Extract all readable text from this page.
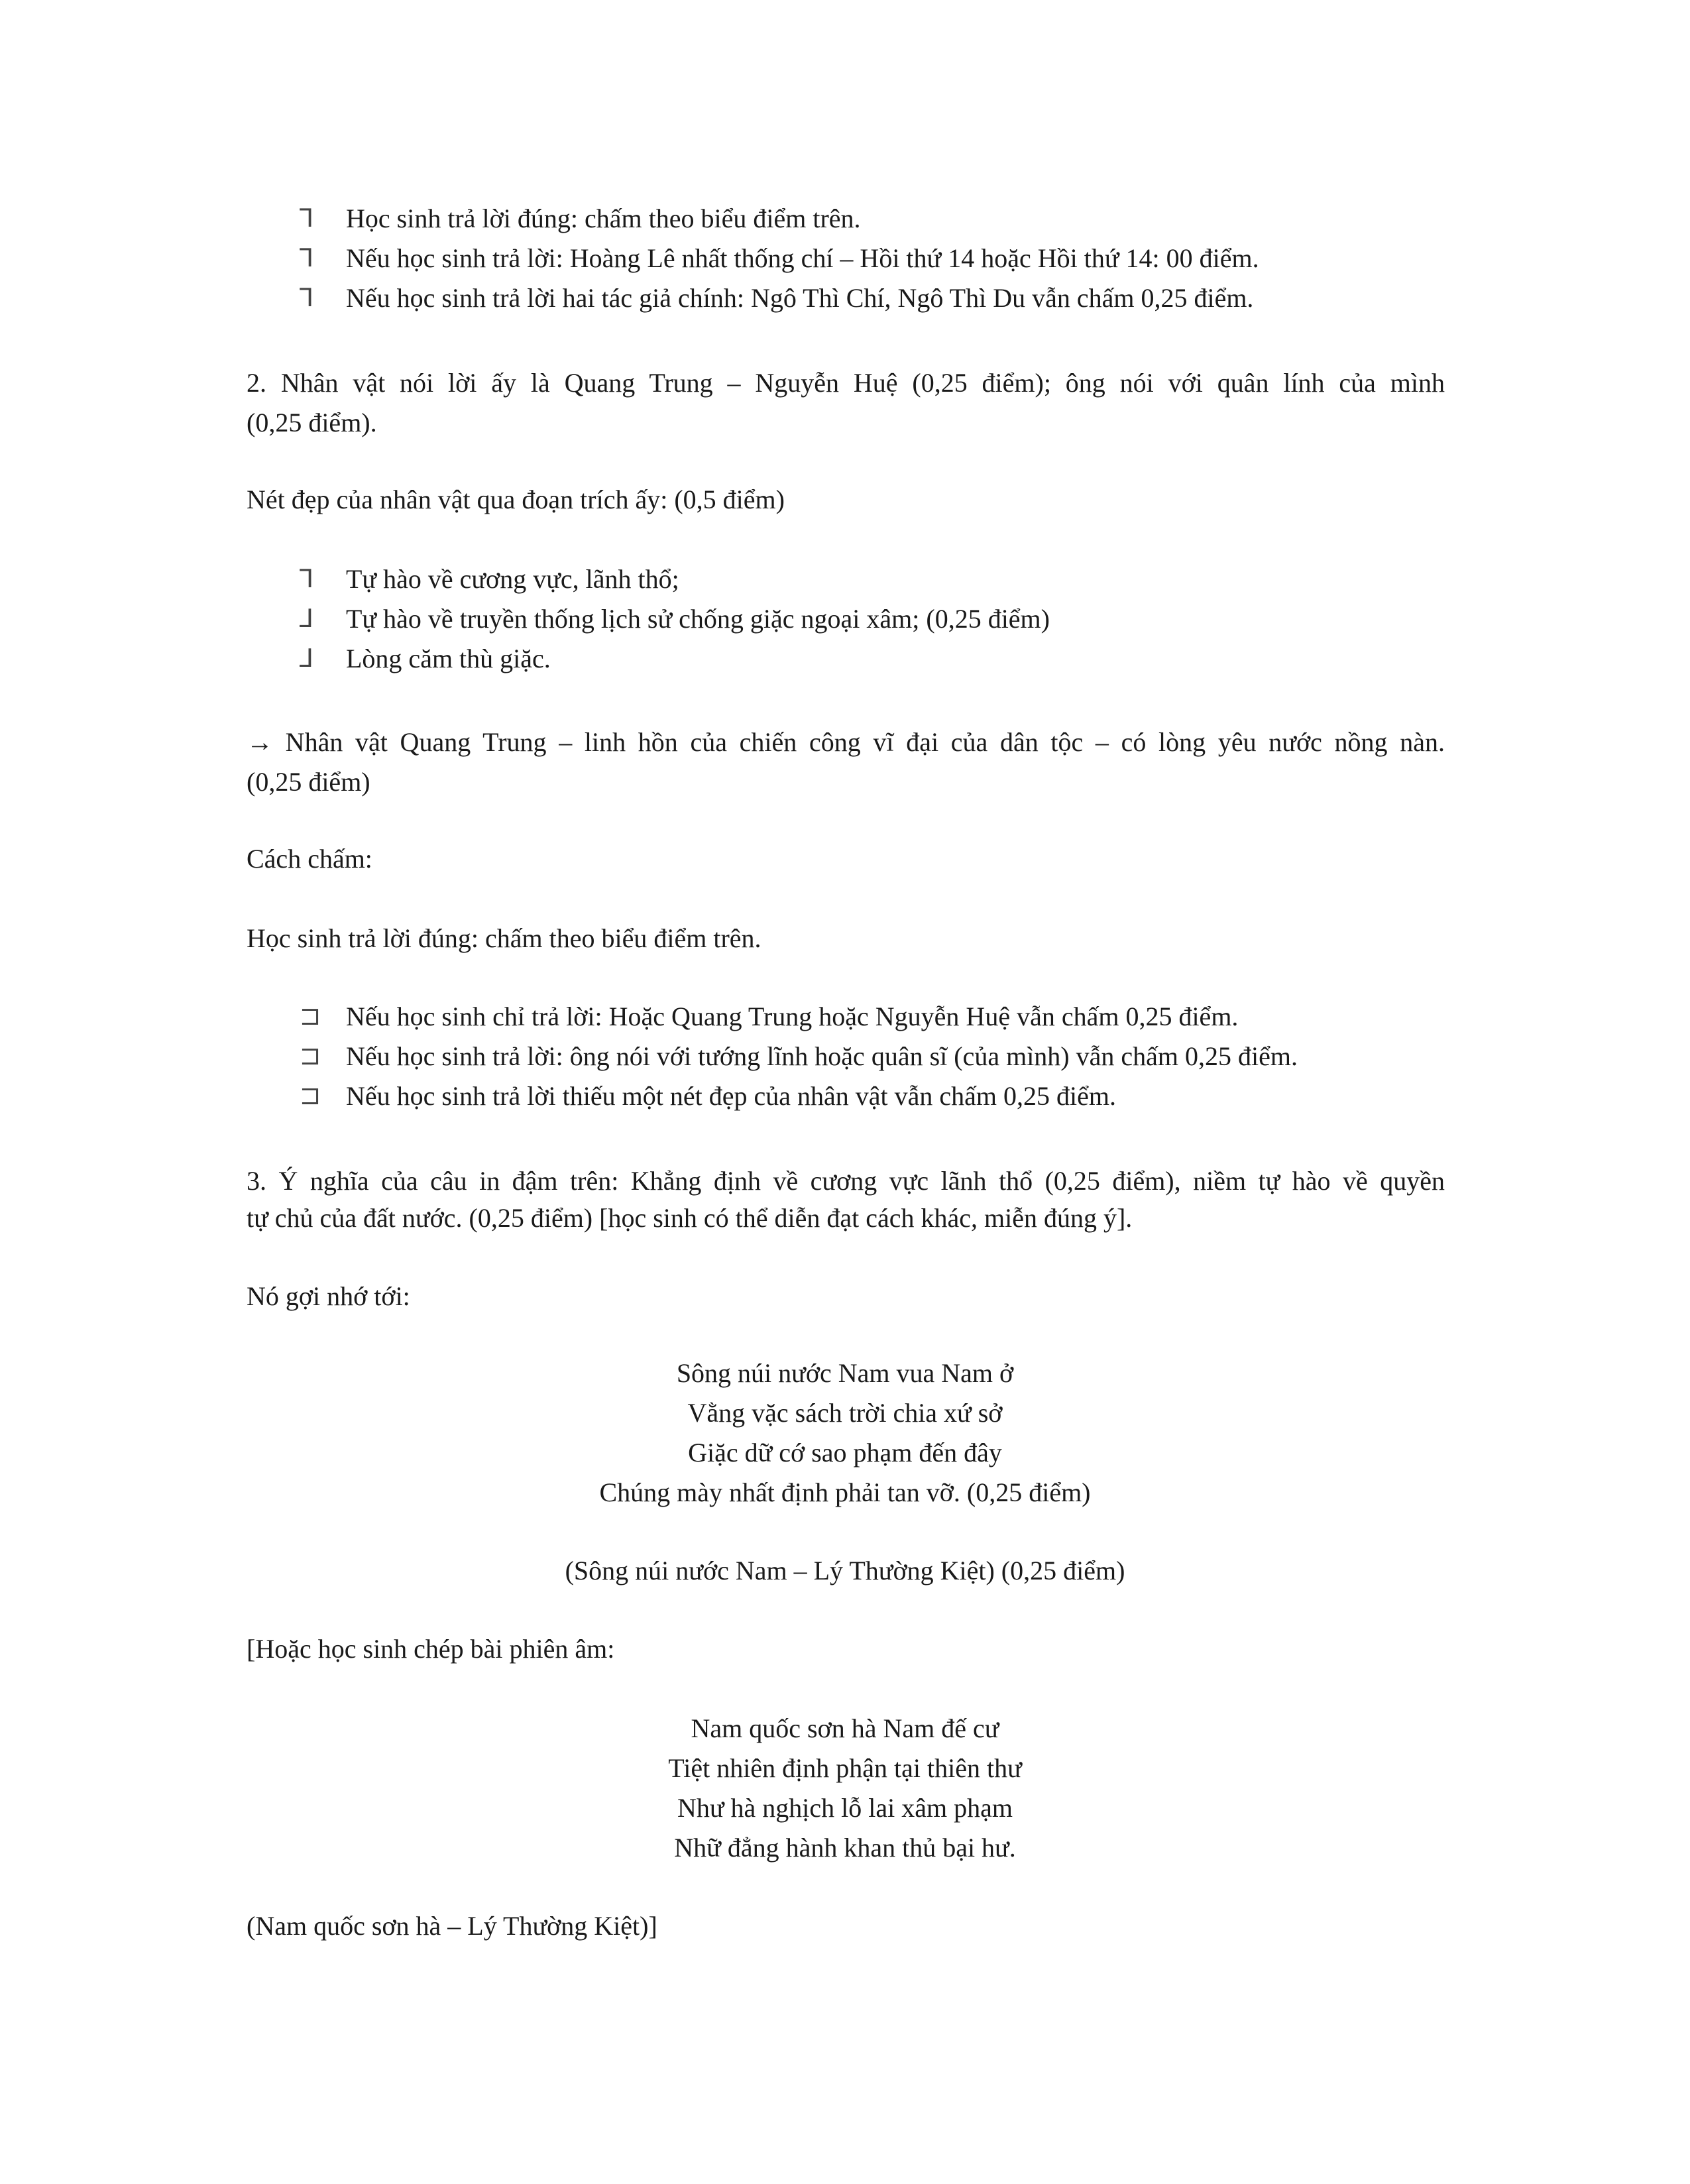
⅂ Học sinh trả lời đúng: chấm theo biểu điểm trên.
⅂ Nếu học sinh trả lời: Hoàng Lê nhất thống chí – Hồi thứ 14 hoặc Hồi thứ 14: 00 điểm.
⅂ Nếu học sinh trả lời hai tác giả chính: Ngô Thì Chí, Ngô Thì Du vẫn chấm 0,25 điểm.
2. Nhân vật nói lời ấy là Quang Trung – Nguyễn Huệ (0,25 điểm); ông nói với quân lính của mình
(0,25 điểm).
Nét đẹp của nhân vật qua đoạn trích ấy: (0,5 điểm)
⅂ Tự hào về cương vực, lãnh thổ;
⅃ Tự hào về truyền thống lịch sử chống giặc ngoại xâm; (0,25 điểm)
⅃ Lòng căm thù giặc.
→ Nhân vật Quang Trung – linh hồn của chiến công vĩ đại của dân tộc – có lòng yêu nước nồng nàn.
(0,25 điểm)
Cách chấm:
Học sinh trả lời đúng: chấm theo biểu điểm trên.
⊐ Nếu học sinh chỉ trả lời: Hoặc Quang Trung hoặc Nguyễn Huệ vẫn chấm 0,25 điểm.
⊐ Nếu học sinh trả lời: ông nói với tướng lĩnh hoặc quân sĩ (của mình) vẫn chấm 0,25 điểm.
⊐ Nếu học sinh trả lời thiếu một nét đẹp của nhân vật vẫn chấm 0,25 điểm.
3. Ý nghĩa của câu in đậm trên: Khẳng định về cương vực lãnh thổ (0,25 điểm), niềm tự hào về quyền
tự chủ của đất nước. (0,25 điểm) [học sinh có thể diễn đạt cách khác, miễn đúng ý].
Nó gợi nhớ tới:
Sông núi nước Nam vua Nam ở
Vằng vặc sách trời chia xứ sở
Giặc dữ cớ sao phạm đến đây
Chúng mày nhất định phải tan vỡ. (0,25 điểm)
(Sông núi nước Nam – Lý Thường Kiệt) (0,25 điểm)
[Hoặc học sinh chép bài phiên âm:
Nam quốc sơn hà Nam đế cư
Tiệt nhiên định phận tại thiên thư
Như hà nghịch lỗ lai xâm phạm
Nhữ đẳng hành khan thủ bại hư.
(Nam quốc sơn hà – Lý Thường Kiệt)]
